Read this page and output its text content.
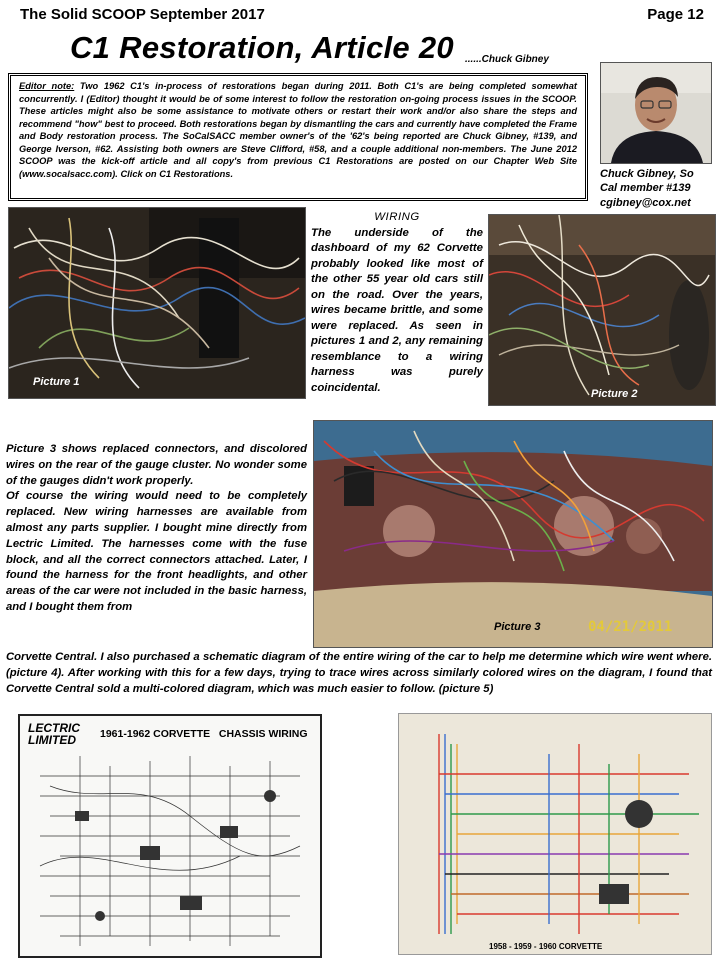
The Solid SCOOP September 2017	Page 12
C1 Restoration, Article 20 ......Chuck Gibney
Editor note: Two 1962 C1's in-process of restorations began during 2011. Both C1's are being completed somewhat concurrently. I (Editor) thought it would be of some interest to follow the restoration on-going process issues in the SCOOP. These articles might also be some assistance to motivate others or restart their work and/or also share the steps and recommend "how" best to proceed. Both restorations began by dismantling the cars and currently have completed the Frame and Body restoration process. The SoCalSACC member owner's of the '62's being reported are Chuck Gibney, #139, and George Iverson, #62. Assisting both owners are Steve Clifford, #58, and a couple additional non-members. The June 2012 SCOOP was the kick-off article and all copy's from previous C1 Restorations are posted on our Chapter Web Site (www.socalsacc.com). Click on C1 Restorations.	Chuck Gibney, So Cal member #139
cgibney@cox.net
Picture 1
WIRING
The underside of the dashboard of my 62 Corvette probably looked like most of the other 55 year old cars still on the road. Over the years, wires became brittle, and some were replaced. As seen in pictures 1 and 2, any remaining resemblance to a wiring harness was purely coincidental.
Picture 2
Picture 3 shows replaced connectors, and discolored wires on the rear of the gauge cluster. No wonder some of the gauges didn't work properly.
Of course the wiring would need to be completely replaced. New wiring harnesses are available from almost any parts supplier. I bought mine directly from Lectric Limited. The harnesses come with the fuse block, and all the correct connectors attached. Later, I found the harness for the front headlights, and other areas of the car were not included in the basic harness, and I bought them from
Picture 3	04/21/2011
Corvette Central. I also purchased a schematic diagram of the entire wiring of the car to help me determine which wire went where. (picture 4). After working with this for a few days, trying to trace wires across similarly colored wires on the diagram, I found that Corvette Central sold a multi-colored diagram, which was much easier to follow. (picture 5)
LECTRIC
LIMITED	1961-1962 CORVETTE   CHASSIS WIRING
1958 - 1959 - 1960 CORVETTE
